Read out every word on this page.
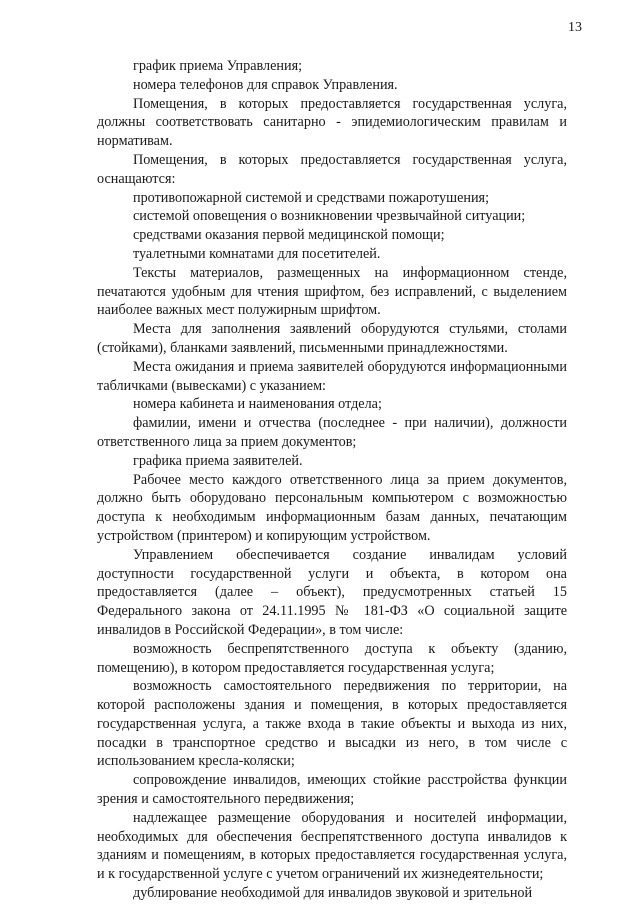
13

график приема Управления;

номера телефонов для справок Управления.

Помещения, в которых предоставляется государственная услуга, должны соответствовать санитарно - эпидемиологическим правилам и нормативам.

Помещения, в которых предоставляется государственная услуга, оснащаются:

противопожарной системой и средствами пожаротушения;

системой оповещения о возникновении чрезвычайной ситуации;

средствами оказания первой медицинской помощи;

туалетными комнатами для посетителей.

Тексты материалов, размещенных на информационном стенде, печатаются удобным для чтения шрифтом, без исправлений, с выделением наиболее важных мест полужирным шрифтом.

Места для заполнения заявлений оборудуются стульями, столами (стойками), бланками заявлений, письменными принадлежностями.

Места ожидания и приема заявителей оборудуются информационными табличками (вывесками) с указанием:

номера кабинета и наименования отдела;

фамилии, имени и отчества (последнее - при наличии), должности ответственного лица за прием документов;

графика приема заявителей.

Рабочее место каждого ответственного лица за прием документов, должно быть оборудовано персональным компьютером с возможностью доступа к необходимым информационным базам данных, печатающим устройством (принтером) и копирующим устройством.

Управлением обеспечивается создание инвалидам условий доступности государственной услуги и объекта, в котором она предоставляется (далее – объект), предусмотренных статьей 15 Федерального закона от 24.11.1995 № 181-ФЗ «О социальной защите инвалидов в Российской Федерации», в том числе:

возможность беспрепятственного доступа к объекту (зданию, помещению), в котором предоставляется государственная услуга;

возможность самостоятельного передвижения по территории, на которой расположены здания и помещения, в которых предоставляется государственная услуга, а также входа в такие объекты и выхода из них, посадки в транспортное средство и высадки из него, в том числе с использованием кресла-коляски;

сопровождение инвалидов, имеющих стойкие расстройства функции зрения и самостоятельного передвижения;

надлежащее размещение оборудования и носителей информации, необходимых для обеспечения беспрепятственного доступа инвалидов к зданиям и помещениям, в которых предоставляется государственная услуга, и к государственной услуге с учетом ограничений их жизнедеятельности;

дублирование необходимой для инвалидов звуковой и зрительной
